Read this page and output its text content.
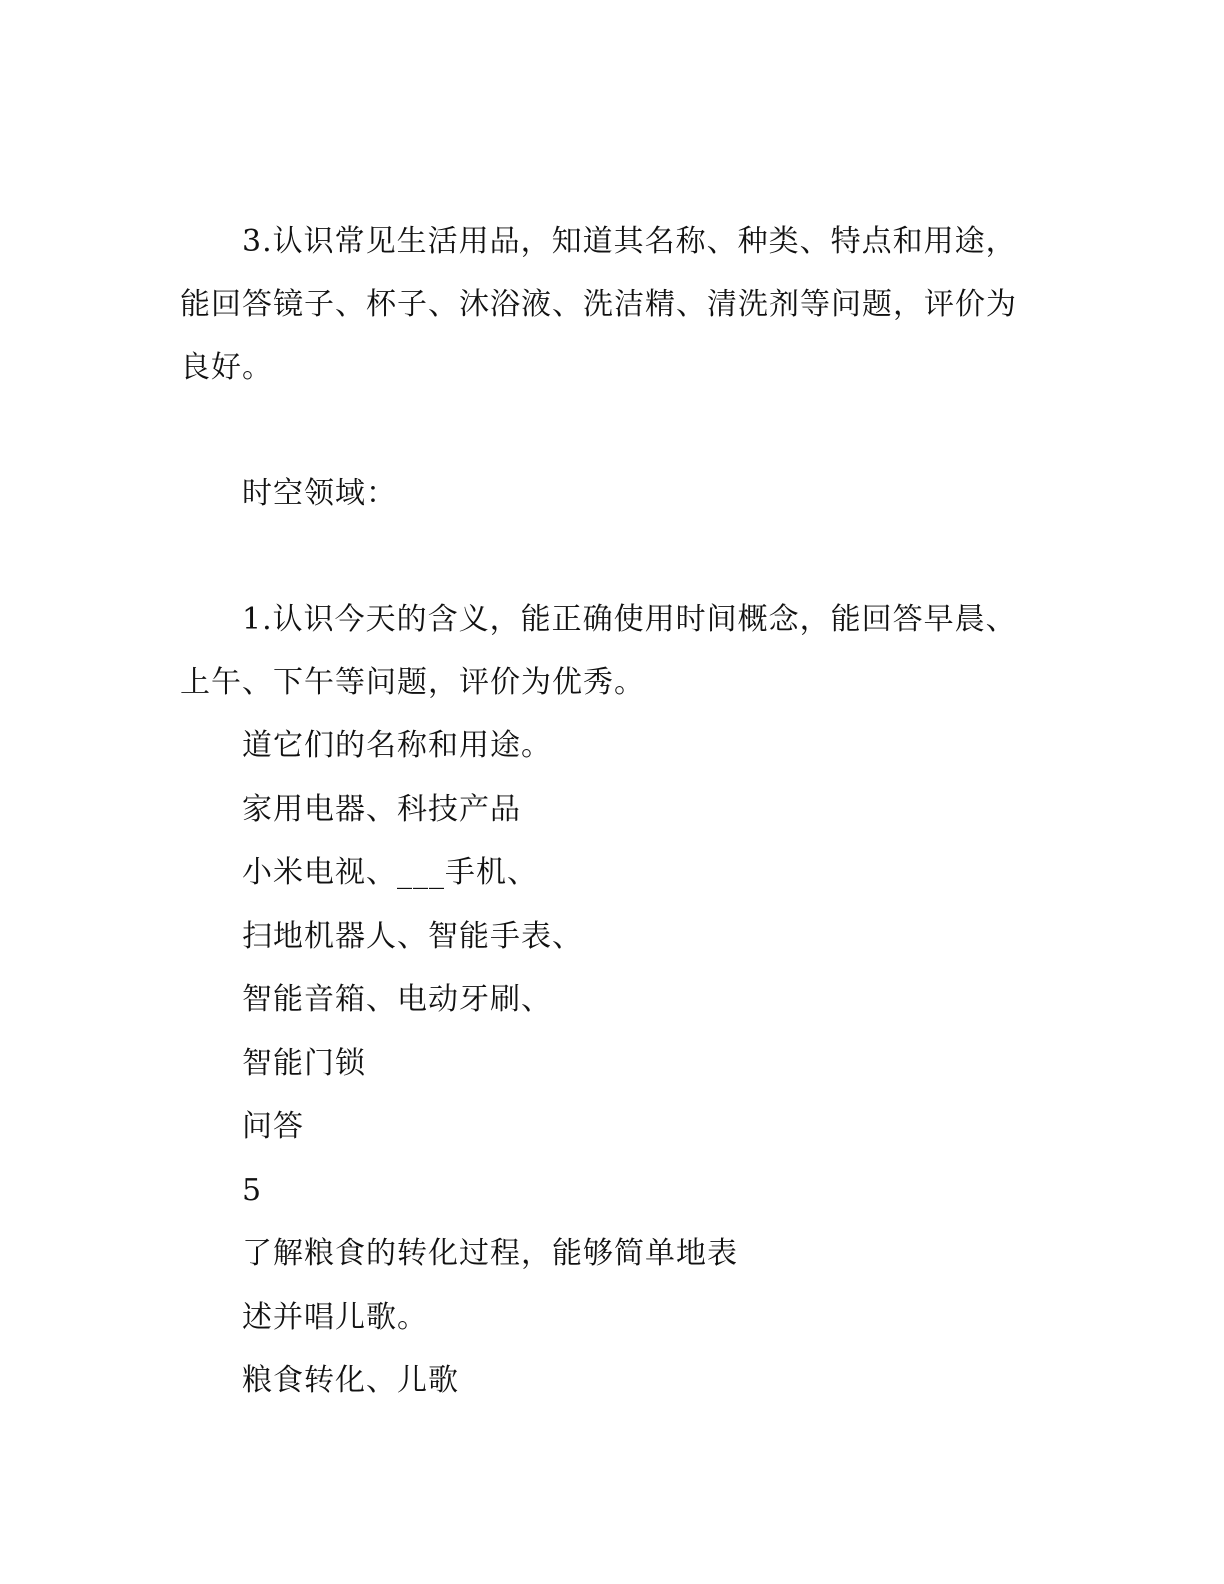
3.认识常见生活用品，知道其名称、种类、特点和用途，能回答镜子、杯子、沐浴液、洗洁精、清洗剂等问题，评价为良好。

时空领域：

1.认识今天的含义，能正确使用时间概念，能回答早晨、上午、下午等问题，评价为优秀。

道它们的名称和用途。

家用电器、科技产品

小米电视、___手机、

扫地机器人、智能手表、

智能音箱、电动牙刷、

智能门锁

问答

5

了解粮食的转化过程，能够简单地表

述并唱儿歌。

粮食转化、儿歌
